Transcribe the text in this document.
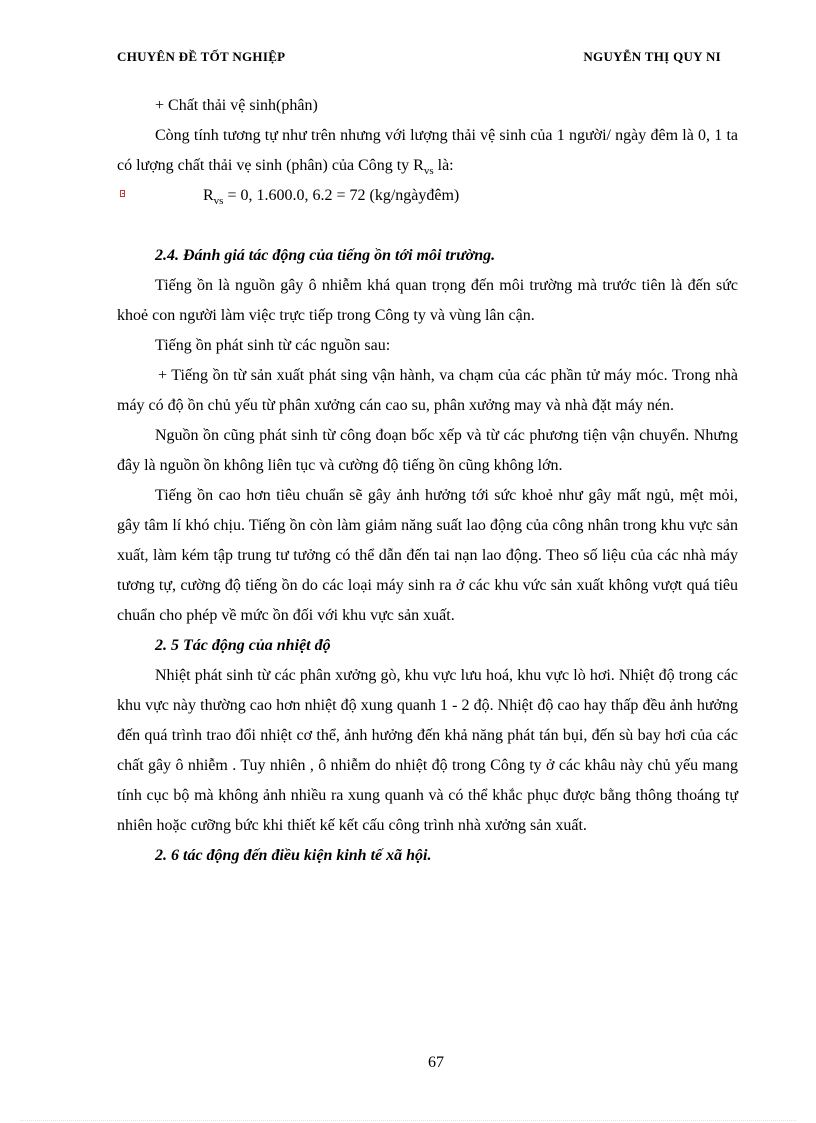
CHUYÊN ĐỀ TỐT NGHIỆP	NGUYỄN THỊ QUY NI

+ Chất thải vệ sinh(phân)

Còng tính tương tự như trên nhưng với lượng thải vệ sinh của 1 người/ ngày đêm là 0, 1 ta có lượng chất thải vẹ sinh (phân) của Công ty $R_{vs}$ là:

$R_{vs} = 0$, 1.600.0, 6.2 = 72 (kg/ngàyđêm)

2.4. Đánh giá tác động của tiếng ồn tới môi trường.

Tiếng ồn là nguồn gây ô nhiễm khá quan trọng đến môi trường mà trước tiên là đến sức khoẻ con người làm việc trực tiếp trong Công ty và vùng lân cận.

Tiếng ồn phát sinh từ các nguồn sau:

+ Tiếng ồn từ sản xuất phát sing vận hành, va chạm của các phần tử máy móc. Trong nhà máy có độ ồn chủ yếu từ phân xưởng cán cao su, phân xưởng may và nhà đặt máy nén.

Nguồn ồn cũng phát sinh từ công đoạn bốc xếp và từ các phương tiện vận chuyển. Nhưng đây là nguồn ồn không liên tục và cường độ tiếng ồn cũng không lớn.

Tiếng ồn cao hơn tiêu chuẩn sẽ gây ảnh hưởng tới sức khoẻ như gây mất ngủ, mệt mỏi, gây tâm lí khó chịu. Tiếng ồn còn làm giảm năng suất lao động của công nhân trong khu vực sản xuất, làm kém tập trung tư tưởng có thể dẫn đến tai nạn lao động. Theo số liệu của các nhà máy tương tự, cường độ tiếng ồn do các loại máy sinh ra ở các khu vức sản xuất không vượt quá tiêu chuẩn cho phép về mức ồn đối với khu vực sản xuất.

2. 5 Tác động của nhiệt độ

Nhiệt phát sinh từ các phân xưởng gò, khu vực lưu hoá, khu vực lò hơi. Nhiệt độ trong các khu vực này thường cao hơn nhiệt độ xung quanh 1 - 2 độ. Nhiệt độ cao hay thấp đều ảnh hưởng đến quá trình trao đổi nhiệt cơ thể, ảnh hưởng đến khả năng phát tán bụi, đến sù bay hơi của các chất gây ô nhiễm . Tuy nhiên , ô nhiễm do nhiệt độ trong Công ty ở các khâu này chủ yếu mang tính cục bộ mà không ảnh nhiều ra xung quanh và có thể khắc phục được bằng thông thoáng tự nhiên hoặc cưỡng bức khi thiết kế kết cấu công trình nhà xưởng sản xuất.

2. 6 tác động đến điều kiện kinh tế xã hội.

67
